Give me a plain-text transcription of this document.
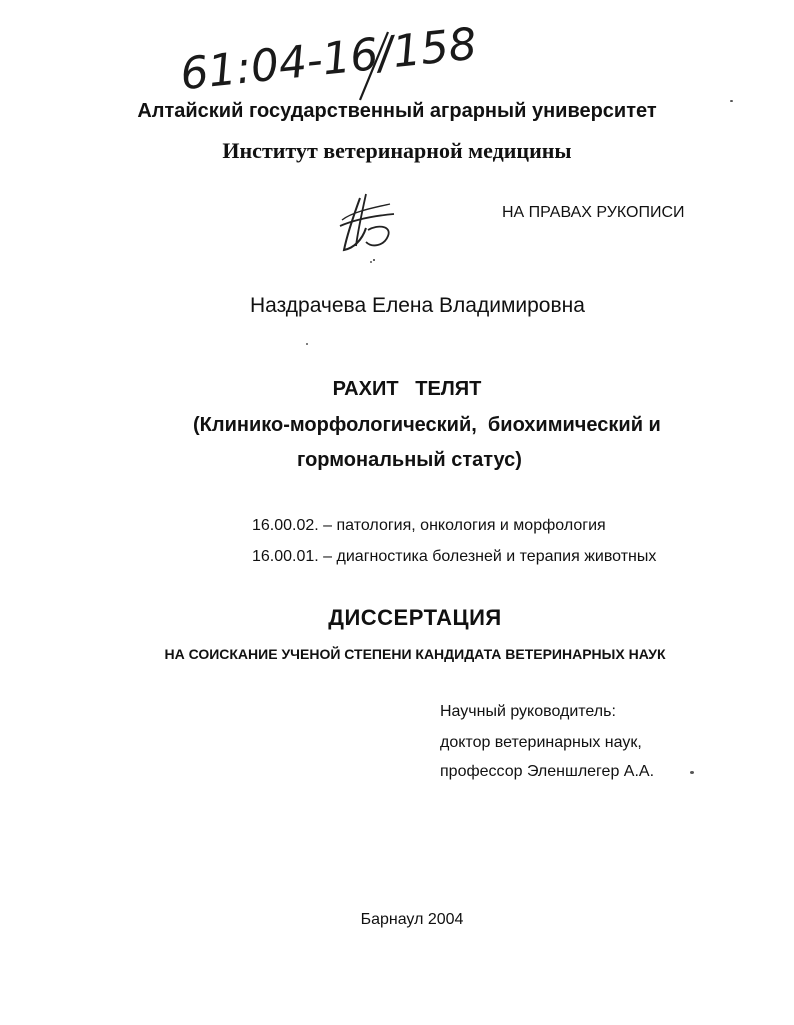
61:04-16/158
Алтайский государственный аграрный университет
Институт ветеринарной медицины
НА ПРАВАХ РУКОПИСИ
Наздрачева Елена Владимировна
РАХИТ   ТЕЛЯТ
(Клинико-морфологический,  биохимический и
гормональный статус)
16.00.02. – патология, онкология и морфология
16.00.01. – диагностика болезней и терапия животных
ДИССЕРТАЦИЯ
НА СОИСКАНИЕ УЧЕНОЙ СТЕПЕНИ КАНДИДАТА ВЕТЕРИНАРНЫХ НАУК
Научный руководитель:
доктор ветеринарных наук,
профессор Эленшлегер А.А.
Барнаул 2004
